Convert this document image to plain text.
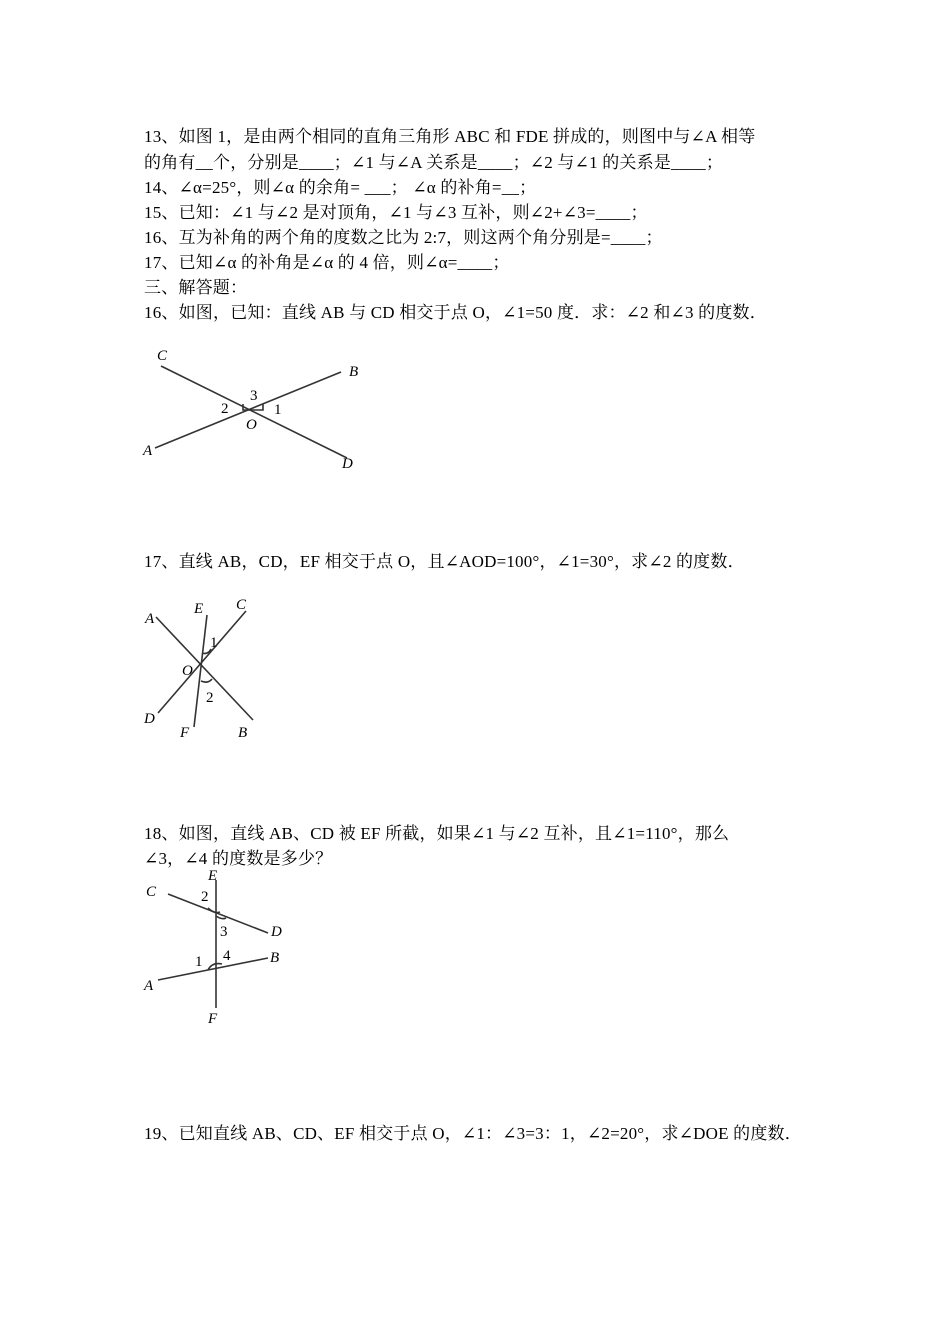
13、如图 1，是由两个相同的直角三角形 ABC 和 FDE 拼成的，则图中与∠A 相等
的角有__个，分别是____；∠1 与∠A 关系是____；∠2 与∠1 的关系是____；
14、∠α=25°，则∠α 的余角= ___； ∠α 的补角=__；
15、已知：∠1 与∠2 是对顶角，∠1 与∠3 互补，则∠2+∠3=____；
16、互为补角的两个角的度数之比为 2:7，则这两个角分别是=____；
17、已知∠α 的补角是∠α 的 4 倍，则∠α=____；
三、解答题：
16、如图，已知：直线 AB 与 CD 相交于点 O，∠1=50 度．求：∠2 和∠3 的度数．
C
B
A
D
O
1
2
3
17、直线 AB，CD，EF 相交于点 O，且∠AOD=100°，∠1=30°，求∠2 的度数．
A
E C
O
1
2
D
F	B
18、如图，直线 AB、CD 被 EF 所截，如果∠1 与∠2 互补，且∠1=110°，那么
∠3，∠4 的度数是多少？
E
C	2
3	D
1 4	B
A
F
19、已知直线 AB、CD、EF 相交于点 O，∠1：∠3=3：1，∠2=20°，求∠DOE 的度数．
